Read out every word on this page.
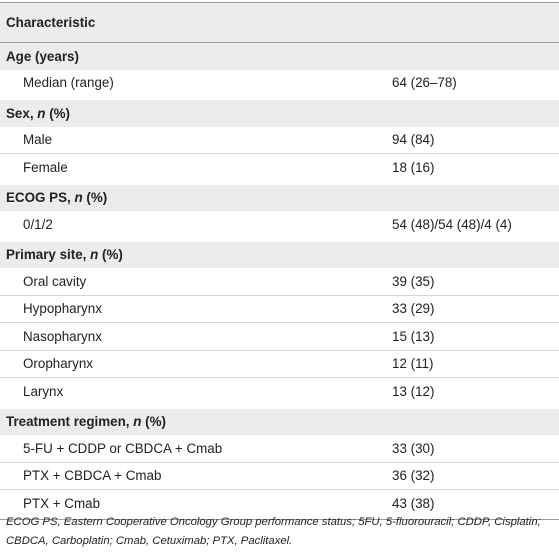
Characteristic	
Age (years)	
Median (range)	64 (26–78)

Sex, n (%)	
Male	94 (84)
Female	18 (16)

ECOG PS, n (%)	
0/1/2	54 (48)/54 (48)/4 (4)

Primary site, n (%)	
Oral cavity	39 (35)
Hypopharynx	33 (29)
Nasopharynx	15 (13)
Oropharynx	12 (11)
Larynx	13 (12)

Treatment regimen, n (%)	
5-FU + CDDP or CBDCA + Cmab	33 (30)
PTX + CBDCA + Cmab	36 (32)
PTX + Cmab	43 (38)
ECOG PS, Eastern Cooperative Oncology Group performance status; 5FU, 5-fluorouracil; CDDP, Cisplatin; CBDCA, Carboplatin; Cmab, Cetuximab; PTX, Paclitaxel.
